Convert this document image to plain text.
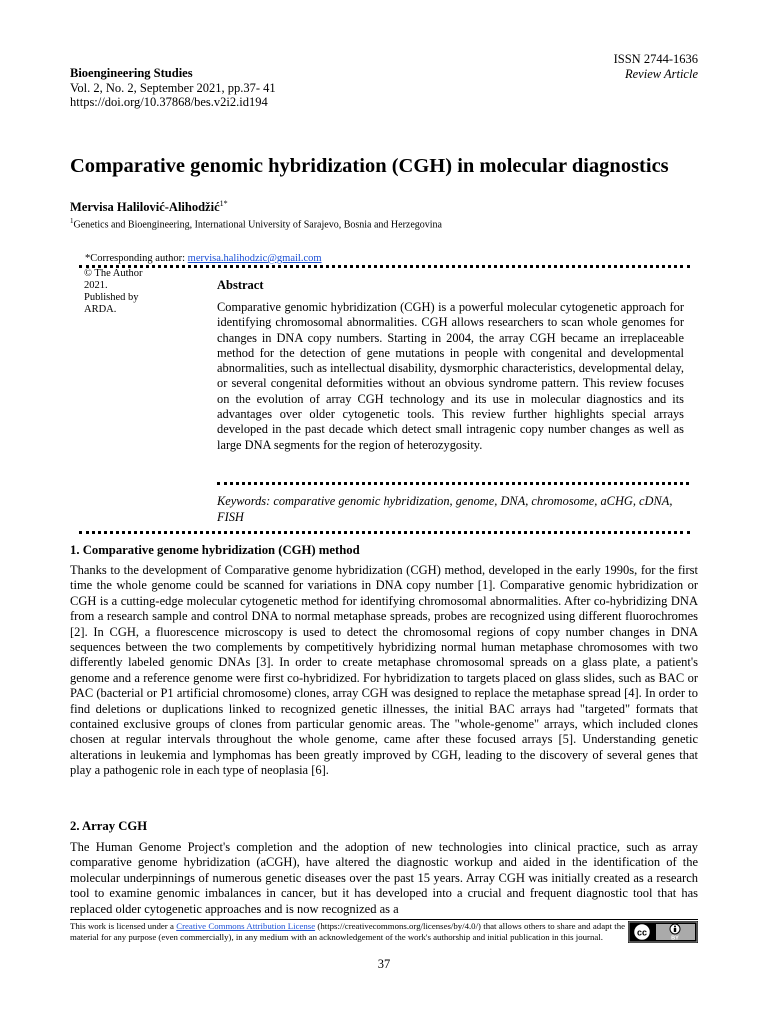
Bioengineering Studies
Vol. 2, No. 2, September 2021, pp.37- 41
https://doi.org/10.37868/bes.v2i2.id194
ISSN 2744-1636
Review Article
Comparative genomic hybridization (CGH) in molecular diagnostics
Mervisa Halilović-Alihodžić$^{1*}$
$^1$Genetics and Bioengineering, International University of Sarajevo, Bosnia and Herzegovina
*Corresponding author: mervisa.halihodzic@gmail.com
© The Author
2021.
Published by
ARDA.
Abstract
Comparative genomic hybridization (CGH) is a powerful molecular cytogenetic approach for identifying chromosomal abnormalities. CGH allows researchers to scan whole genomes for changes in DNA copy numbers. Starting in 2004, the array CGH became an irreplaceable method for the detection of gene mutations in people with congenital and developmental abnormalities, such as intellectual disability, dysmorphic characteristics, developmental delay, or several congenital deformities without an obvious syndrome pattern. This review focuses on the evolution of array CGH technology and its use in molecular diagnostics and its advantages over older cytogenetic tools. This review further highlights special arrays developed in the past decade which detect small intragenic copy number changes as well as large DNA segments for the region of heterozygosity.
Keywords: comparative genomic hybridization, genome, DNA, chromosome, aCHG, cDNA, FISH
1. Comparative genome hybridization (CGH) method
Thanks to the development of Comparative genome hybridization (CGH) method, developed in the early 1990s, for the first time the whole genome could be scanned for variations in DNA copy number [1]. Comparative genomic hybridization or CGH is a cutting-edge molecular cytogenetic method for identifying chromosomal abnormalities. After co-hybridizing DNA from a research sample and control DNA to normal metaphase spreads, probes are recognized using different fluorochromes [2]. In CGH, a fluorescence microscopy is used to detect the chromosomal regions of copy number changes in DNA sequences between the two complements by competitively hybridizing normal human metaphase chromosomes with two differently labeled genomic DNAs [3]. In order to create metaphase chromosomal spreads on a glass plate, a patient's genome and a reference genome were first co-hybridized. For hybridization to targets placed on glass slides, such as BAC or PAC (bacterial or P1 artificial chromosome) clones, array CGH was designed to replace the metaphase spread [4]. In order to find deletions or duplications linked to recognized genetic illnesses, the initial BAC arrays had "targeted" formats that contained exclusive groups of clones from particular genomic areas. The "whole-genome" arrays, which included clones chosen at regular intervals throughout the whole genome, came after these focused arrays [5]. Understanding genetic alterations in leukemia and lymphomas has been greatly improved by CGH, leading to the discovery of several genes that play a pathogenic role in each type of neoplasia [6].
2. Array CGH
The Human Genome Project's completion and the adoption of new technologies into clinical practice, such as array comparative genome hybridization (aCGH), have altered the diagnostic workup and aided in the identification of the molecular underpinnings of numerous genetic diseases over the past 15 years. Array CGH was initially created as a research tool to examine genomic imbalances in cancer, but it has developed into a crucial and frequent diagnostic tool that has replaced older cytogenetic approaches and is now recognized as a
This work is licensed under a Creative Commons Attribution License (https://creativecommons.org/licenses/by/4.0/) that allows others to share and adapt the material for any purpose (even commercially), in any medium with an acknowledgement of the work's authorship and initial publication in this journal.	cc
BY
37
